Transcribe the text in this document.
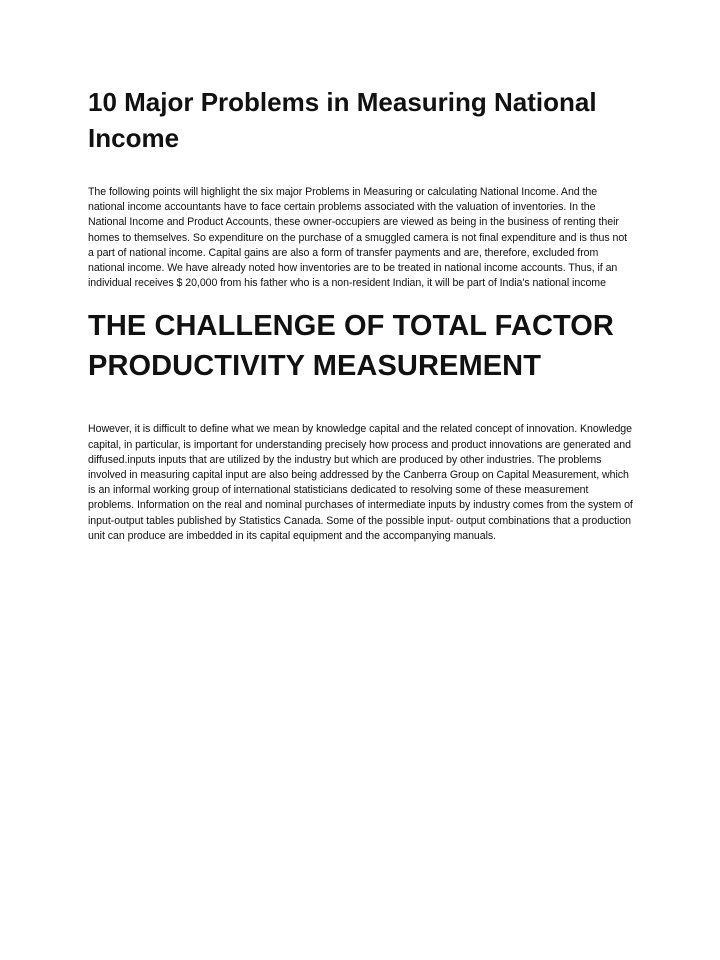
10 Major Problems in Measuring National Income

The following points will highlight the six major Problems in Measuring or calculating National Income. And the national income accountants have to face certain problems associated with the valuation of inventories. In the National Income and Product Accounts, these owner-occupiers are viewed as being in the business of renting their homes to themselves. So expenditure on the purchase of a smuggled camera is not final expenditure and is thus not a part of national income. Capital gains are also a form of transfer payments and are, therefore, excluded from national income. We have already noted how inventories are to be treated in national income accounts. Thus, if an individual receives $ 20,000 from his father who is a non-resident Indian, it will be part of India's national income

THE CHALLENGE OF TOTAL FACTOR PRODUCTIVITY MEASUREMENT

However, it is difficult to define what we mean by knowledge capital and the related concept of innovation. Knowledge capital, in particular, is important for understanding precisely how process and product innovations are generated and diffused.inputs inputs that are utilized by the industry but which are produced by other industries. The problems involved in measuring capital input are also being addressed by the Canberra Group on Capital Measurement, which is an informal working group of international statisticians dedicated to resolving some of these measurement problems. Information on the real and nominal purchases of intermediate inputs by industry comes from the system of input-output tables published by Statistics Canada. Some of the possible input- output combinations that a production unit can produce are imbedded in its capital equipment and the accompanying manuals.
